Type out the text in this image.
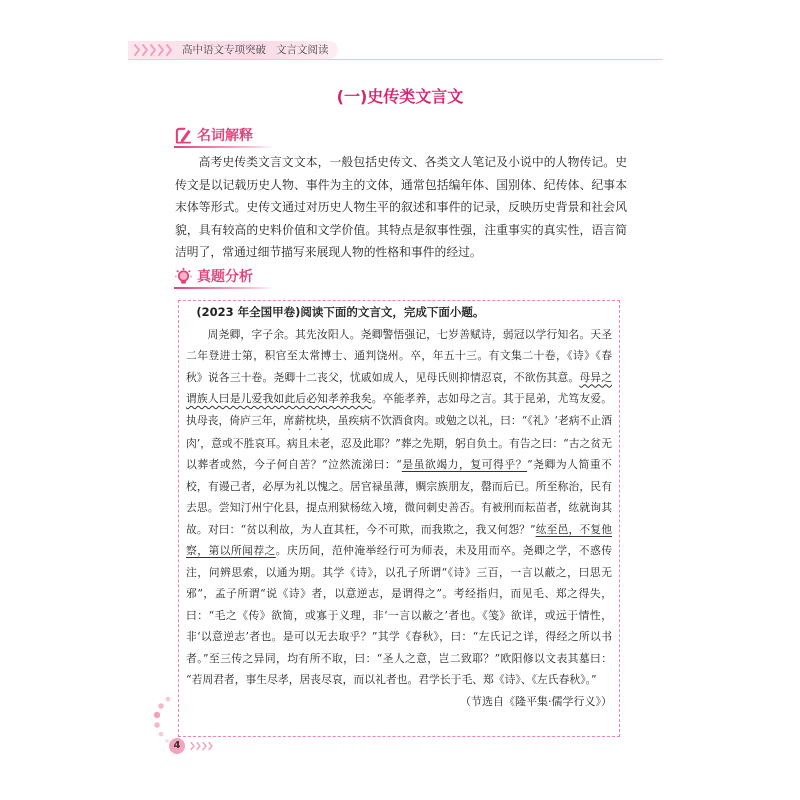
高中语文专项突破 文言文阅读
(一)史传类文言文
名词解释

高考史传类文言文文本，一般包括史传文、各类文人笔记及小说中的人物传记。史传文是以记载历史人物、事件为主的文体，通常包括编年体、国别体、纪传体、纪事本末体等形式。史传文通过对历史人物生平的叙述和事件的记录，反映历史背景和社会风貌，具有较高的史料价值和文学价值。其特点是叙事性强，注重事实的真实性，语言简洁明了，常通过细节描写来展现人物的性格和事件的经过。

真题分析

(2023 年全国甲卷)阅读下面的文言文，完成下面小题。

周尧卿，字子余。其先汝阳人。尧卿警悟强记，七岁善赋诗，弱冠以学行知名。天圣二年登进士第，积官至太常博士、通判饶州。卒，年五十三。有文集二十卷，《诗》《春秋》说各三十卷。尧卿十二丧父，忧戚如成人，见母氏则抑情忍哀，不欲伤其意。母异之谓族人曰是儿爱我如此后必知孝养我矣。卒能孝养，志如母之言。其于昆弟，尤笃友爱。执母丧，倚庐三年，席薪枕块，虽疾病不饮酒食肉。或勉之以礼，曰：“《礼》‘老病不止酒肉’，意或不胜哀耳。病且未老，忍及此耶？”葬之先期，躬自负土。有告之曰：“古之贫无以葬者或然，今子何自苦？”泣然流涕曰：“是虽欲竭力，复可得乎？”尧卿为人简重不校，有谩己者，必厚为礼以愧之。居官禄虽薄，赒宗族朋友，罄而后已。所至称治，民有去思。尝知汀州宁化县，提点刑狱杨纮入境，微问刺史善否。有被刑而耘苗者，纮就询其故。对曰：“贫以利故，为人直其枉，今不可欺，而我欺之，我又何怨？”纮至邑，不复他察，第以所闻荐之。庆历间，范仲淹举经行可为师表，未及用而卒。尧卿之学，不惑传注，问辨思索，以通为期。其学《诗》，以孔子所谓“《诗》三百，一言以蔽之，曰思无邪”，孟子所谓“说《诗》者，以意逆志，是谓得之”。考经指归，而见毛、郑之得失，曰：“毛之《传》欲简，或寡于义理，非‘一言以蔽之’者也。《笺》欲详，或远于情性，非‘以意逆志’者也。是可以无去取乎？”其学《春秋》，曰：“左氏记之详，得经之所以书者。”至三传之异同，均有所不取，曰：“圣人之意，岂二致耶？”欧阳修以文表其墓曰：“若周君者，事生尽孝，居丧尽哀，而以礼者也。君学长于毛、郑《诗》、《左氏春秋》。”

（节选自《隆平集·儒学行义》）

4
